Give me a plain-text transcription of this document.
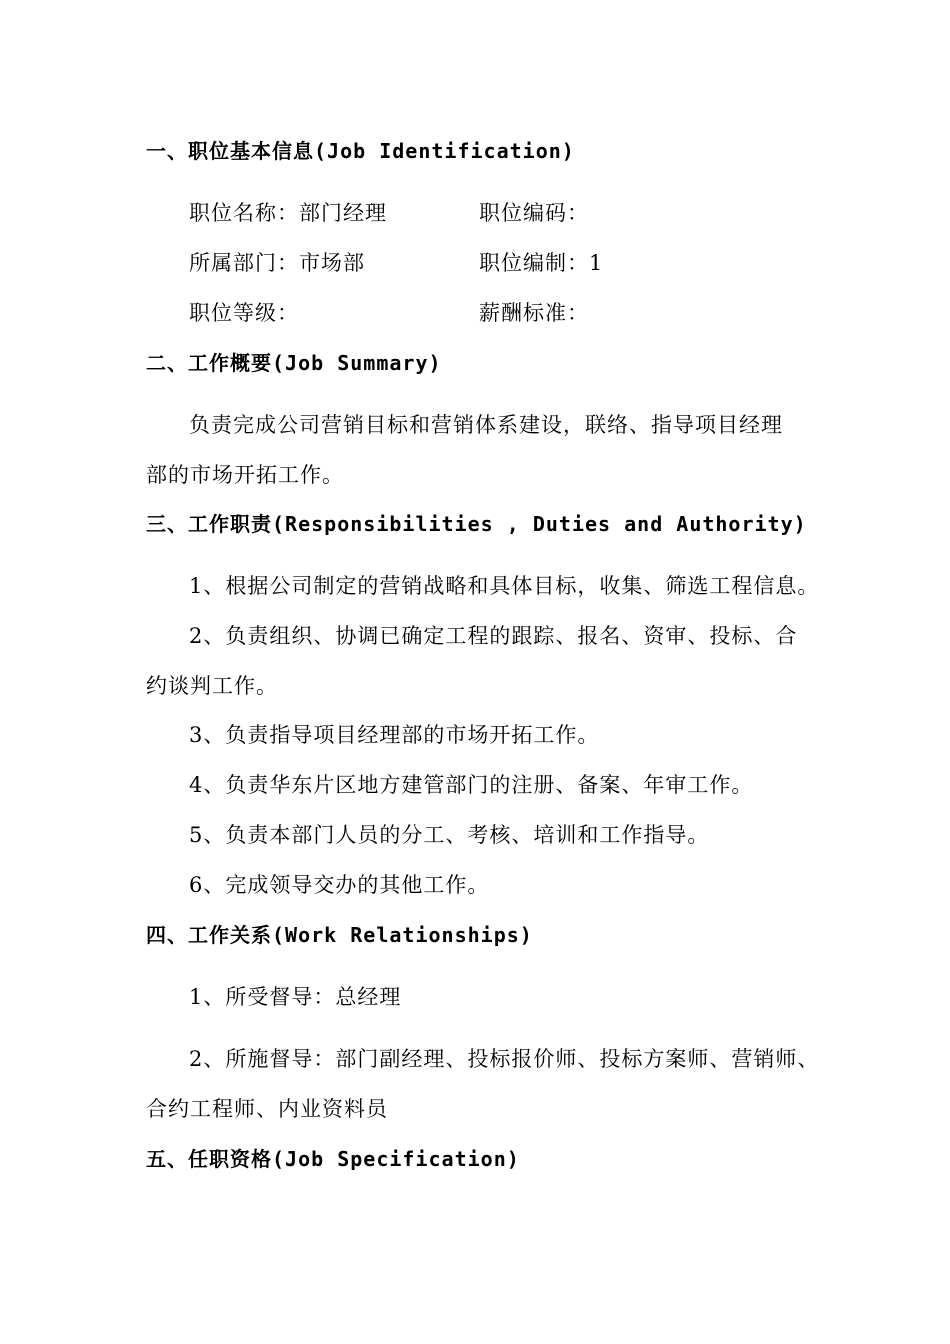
一、职位基本信息(Job Identification)
职位名称：部门经理	职位编码：
所属部门：市场部	职位编制：1
职位等级：	薪酬标准：
二、工作概要(Job Summary)
负责完成公司营销目标和营销体系建设，联络、指导项目经理
部的市场开拓工作。
三、工作职责(Responsibilities , Duties and Authority)
1、根据公司制定的营销战略和具体目标，收集、筛选工程信息。
2、负责组织、协调已确定工程的跟踪、报名、资审、投标、合
约谈判工作。
3、负责指导项目经理部的市场开拓工作。
4、负责华东片区地方建管部门的注册、备案、年审工作。
5、负责本部门人员的分工、考核、培训和工作指导。
6、完成领导交办的其他工作。
四、工作关系(Work Relationships)
1、所受督导：总经理
2、所施督导：部门副经理、投标报价师、投标方案师、营销师、
合约工程师、内业资料员
五、任职资格(Job Specification)
